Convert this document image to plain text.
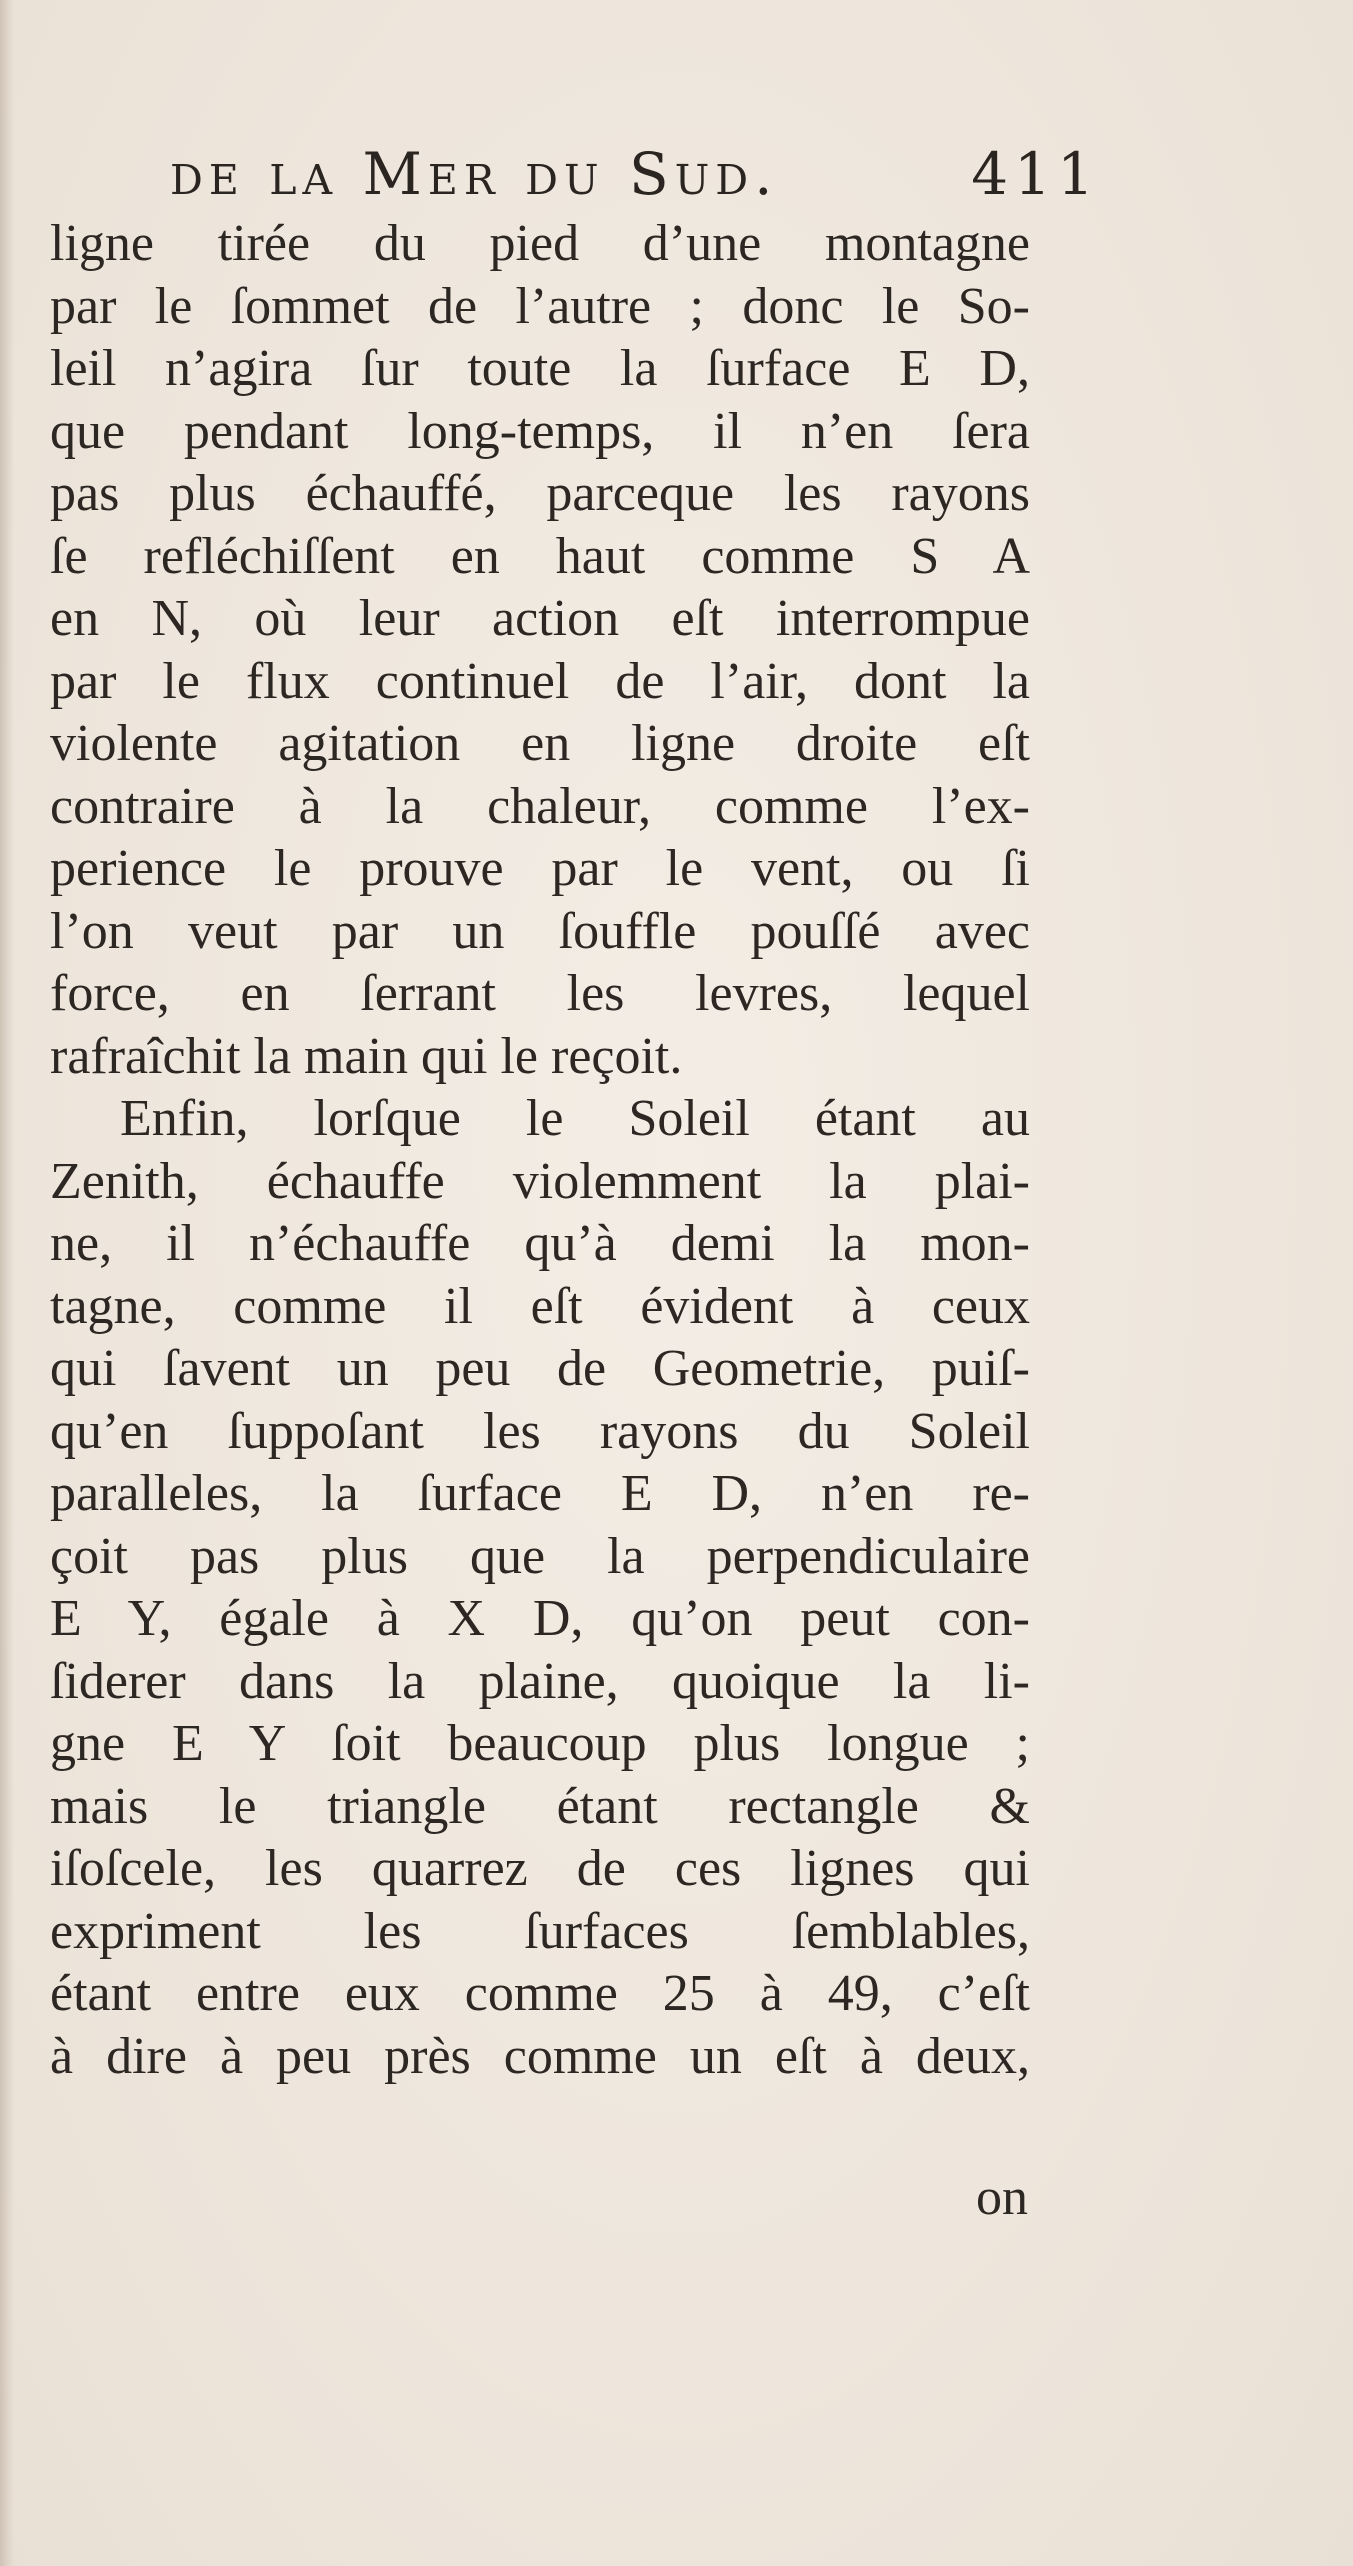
de la Mer du Sud.	411
ligne tirée du pied d’une montagne
par le ſommet de l’autre ; donc le So-
leil n’agira ſur toute la ſurface E D,
que pendant long-temps, il n’en ſera
pas plus échauffé, parceque les rayons
ſe refléchiſſent en haut comme S A
en N, où leur action eſt interrompue
par le flux continuel de l’air, dont la
violente agitation en ligne droite eſt
contraire à la chaleur, comme l’ex-
perience le prouve par le vent, ou ſi
l’on veut par un ſouffle pouſſé avec
force, en ſerrant les levres, lequel
rafraîchit la main qui le reçoit.
Enfin, lorſque le Soleil étant au
Zenith, échauffe violemment la plai-
ne, il n’échauffe qu’à demi la mon-
tagne, comme il eſt évident à ceux
qui ſavent un peu de Geometrie, puiſ-
qu’en ſuppoſant les rayons du Soleil
paralleles, la ſurface E D, n’en re-
çoit pas plus que la perpendiculaire
E Y, égale à X D, qu’on peut con-
ſiderer dans la plaine, quoique la li-
gne E Y ſoit beaucoup plus longue ;
mais le triangle étant rectangle &
iſoſcele, les quarrez de ces lignes qui
expriment les ſurfaces ſemblables,
étant entre eux comme 25 à 49, c’eſt
à dire à peu près comme un eſt à deux,
on
